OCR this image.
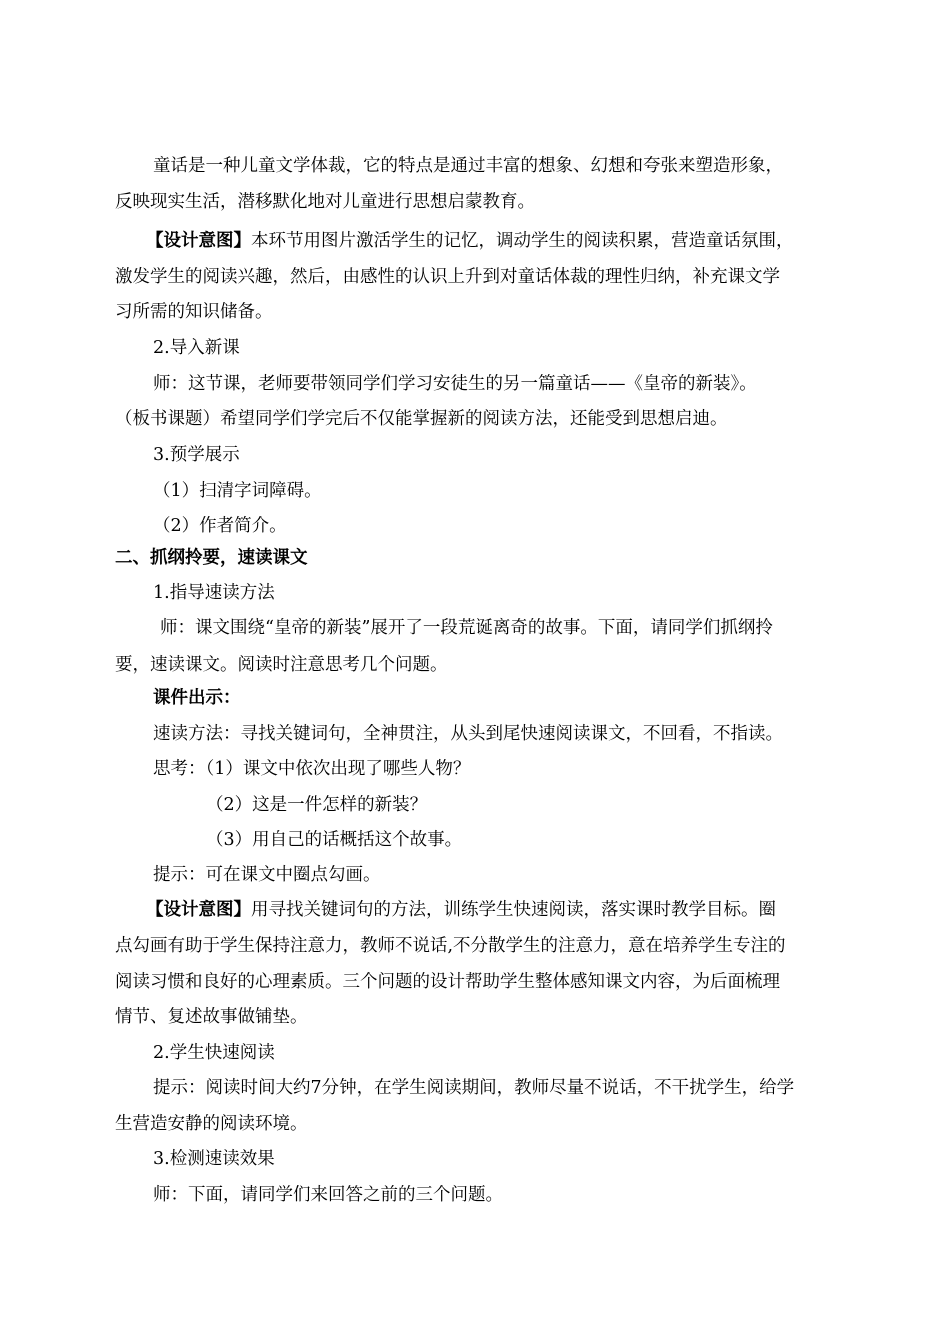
童话是一种儿童文学体裁，它的特点是通过丰富的想象、幻想和夸张来塑造形象，
反映现实生活，潜移默化地对儿童进行思想启蒙教育。
【设计意图】本环节用图片激活学生的记忆，调动学生的阅读积累，营造童话氛围，
激发学生的阅读兴趣，然后，由感性的认识上升到对童话体裁的理性归纳，补充课文学
习所需的知识储备。
2.导入新课
师：这节课，老师要带领同学们学习安徒生的另一篇童话——《皇帝的新装》。
（板书课题）希望同学们学完后不仅能掌握新的阅读方法，还能受到思想启迪。
3.预学展示
（1）扫清字词障碍。
（2）作者简介。
二、抓纲拎要，速读课文
1.指导速读方法
师：课文围绕“皇帝的新装”展开了一段荒诞离奇的故事。下面，请同学们抓纲拎
要，速读课文。阅读时注意思考几个问题。
课件出示：
速读方法：寻找关键词句，全神贯注，从头到尾快速阅读课文，不回看，不指读。
思考：（1）课文中依次出现了哪些人物？
（2）这是一件怎样的新装？
（3）用自己的话概括这个故事。
提示：可在课文中圈点勾画。
【设计意图】用寻找关键词句的方法，训练学生快速阅读，落实课时教学目标。圈
点勾画有助于学生保持注意力，教师不说话,不分散学生的注意力，意在培养学生专注的
阅读习惯和良好的心理素质。三个问题的设计帮助学生整体感知课文内容，为后面梳理
情节、复述故事做铺垫。
2.学生快速阅读
提示：阅读时间大约7分钟，在学生阅读期间，教师尽量不说话，不干扰学生，给学
生营造安静的阅读环境。
3.检测速读效果
师：下面，请同学们来回答之前的三个问题。
